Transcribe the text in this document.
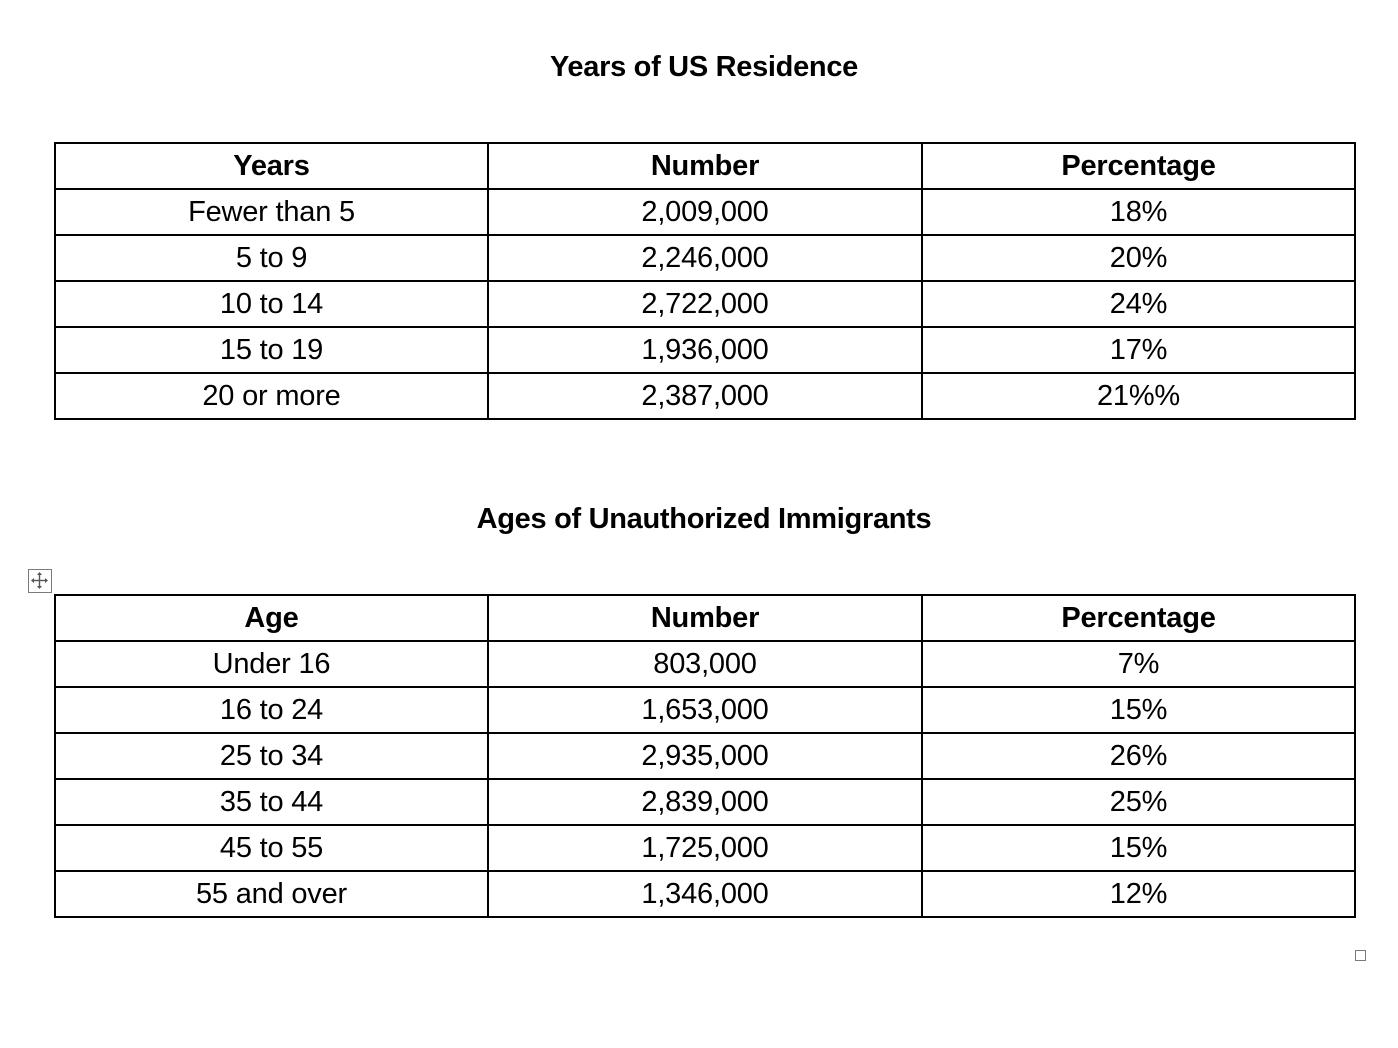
Years of US Residence
Years	Number	Percentage
Fewer than 5	2,009,000	18%
5 to 9	2,246,000	20%
10 to 14	2,722,000	24%
15 to 19	1,936,000	17%
20 or more	2,387,000	21%%
Ages of Unauthorized Immigrants
Age	Number	Percentage
Under 16	803,000	7%
16 to 24	1,653,000	15%
25 to 34	2,935,000	26%
35 to 44	2,839,000	25%
45 to 55	1,725,000	15%
55 and over	1,346,000	12%
